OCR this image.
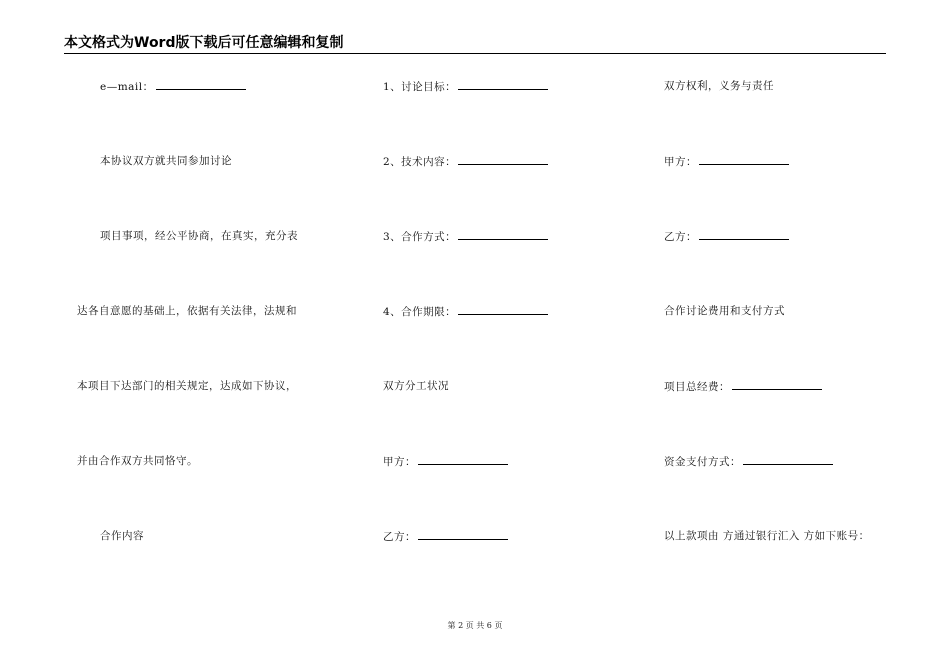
本文格式为Word版下载后可任意编辑和复制
e—mail：
本协议双方就共同参加讨论
项目事项，经公平协商，在真实，充分表
达各自意愿的基础上，依据有关法律，法规和
本项目下达部门的相关规定，达成如下协议，
并由合作双方共同恪守。
合作内容
1、讨论目标：
2、技术内容：
3、合作方式：
4、合作期限：
双方分工状况
甲方：
乙方：
双方权利，义务与责任
甲方：
乙方：
合作讨论费用和支付方式
项目总经费：
资金支付方式：
以上款项由 方通过银行汇入 方如下账号：
第 2 页 共 6 页
